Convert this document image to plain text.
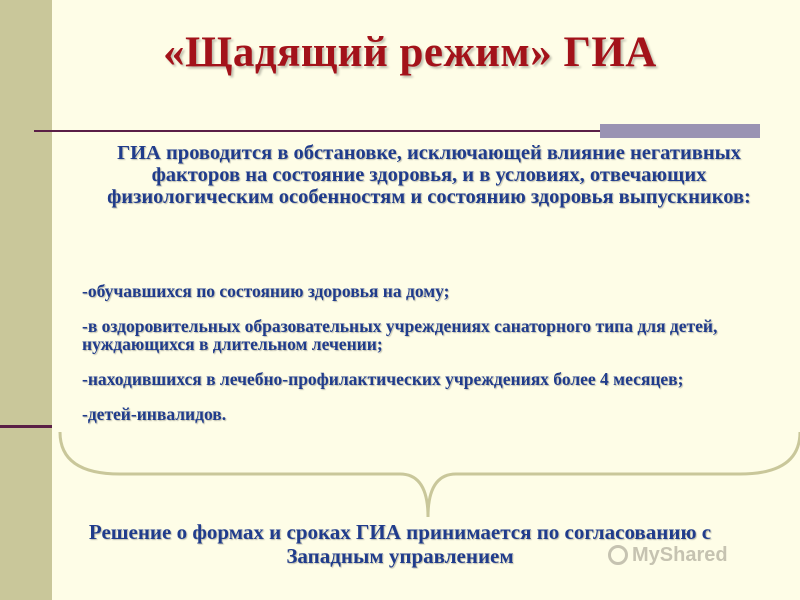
«Щадящий режим» ГИА
ГИА проводится в обстановке, исключающей влияние негативных факторов на состояние здоровья, и в условиях, отвечающих физиологическим особенностям и состоянию здоровья выпускников:
-обучавшихся по состоянию здоровья на дому;
-в оздоровительных образовательных учреждениях санаторного типа для детей, нуждающихся в длительном лечении;
-находившихся в лечебно-профилактических учреждениях более 4 месяцев;
-детей-инвалидов.
Решение о формах и сроках ГИА принимается по согласованию с Западным управлением	MyShared
